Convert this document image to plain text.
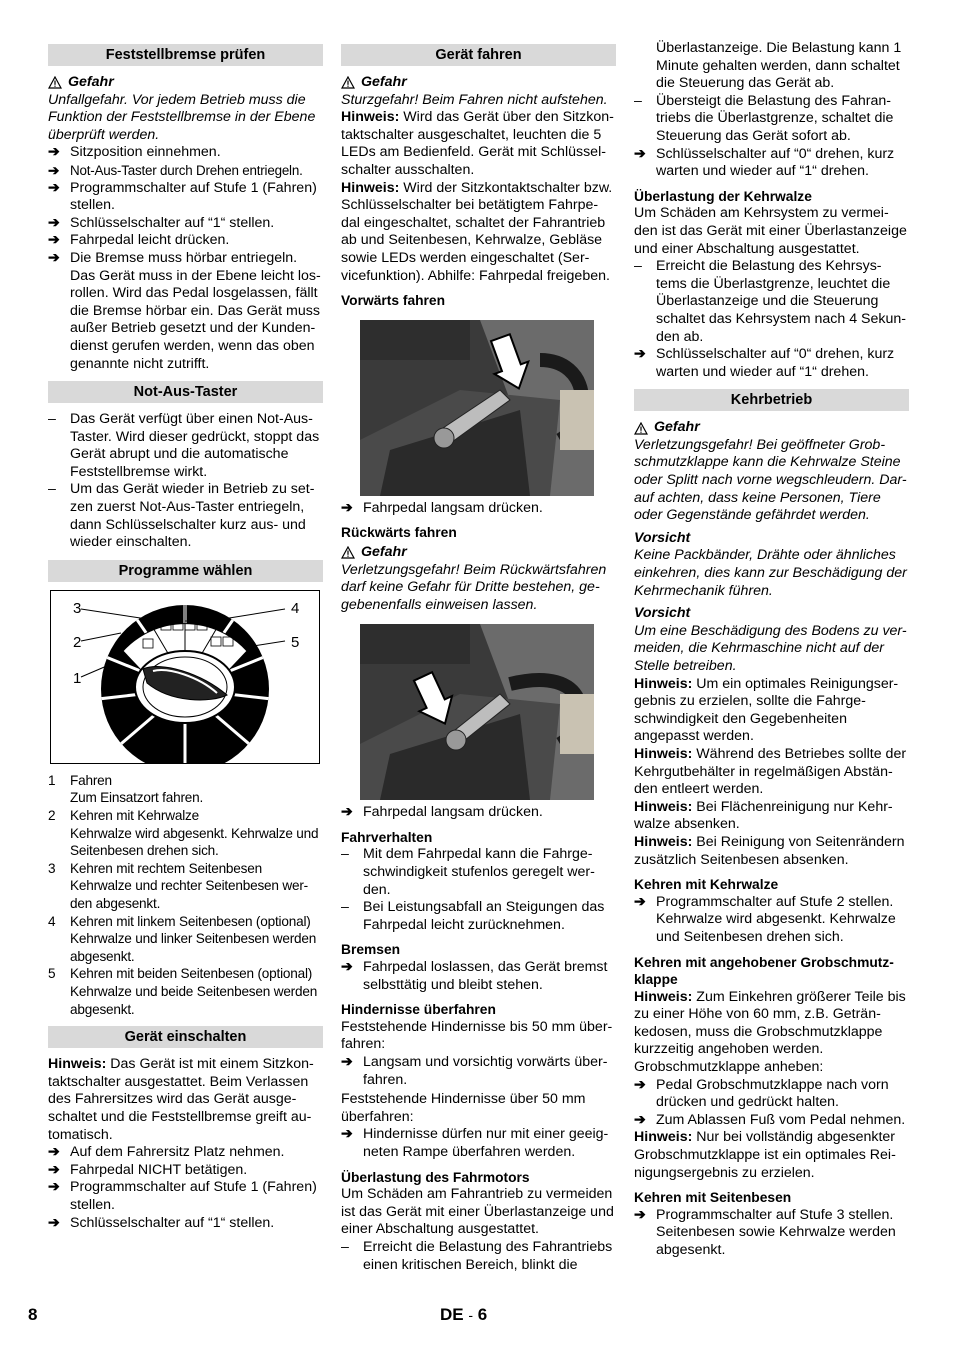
Feststellbremse prüfen
Gefahr

Unfallgefahr. Vor jedem Betrieb muss die Funktion der Feststellbremse in der Ebene überprüft werden.

➔ Sitzposition einnehmen.
➔ Not-Aus-Taster durch Drehen entriegeln.
➔ Programmschalter auf Stufe 1 (Fahren) stellen.
➔ Schlüsselschalter auf “1“ stellen.
➔ Fahrpedal leicht drücken.
➔ Die Bremse muss hörbar entriegeln. Das Gerät muss in der Ebene leicht los-rollen. Wird das Pedal losgelassen, fällt die Bremse hörbar ein. Das Gerät muss außer Betrieb gesetzt und der Kunden-dienst gerufen werden, wenn das oben genannte nicht zutrifft.
Not-Aus-Taster
– Das Gerät verfügt über einen Not-Aus-Taster. Wird dieser gedrückt, stoppt das Gerät abrupt und die automatische Feststellbremse wirkt.
– Um das Gerät wieder in Betrieb zu set-zen zuerst Not-Aus-Taster entriegeln, dann Schlüsselschalter kurz aus- und wieder einschalten.
Programme wählen
1
2
3	4
5
1	Fahren
Zum Einsatzort fahren.
2	Kehren mit Kehrwalze
Kehrwalze wird abgesenkt. Kehrwalze und Seitenbesen drehen sich.
3	Kehren mit rechtem Seitenbesen
Kehrwalze und rechter Seitenbesen wer-den abgesenkt.
4	Kehren mit linkem Seitenbesen (optional)
Kehrwalze und linker Seitenbesen werden abgesenkt.
5	Kehren mit beiden Seitenbesen (optional)
Kehrwalze und beide Seitenbesen werden abgesenkt.
Gerät einschalten

Hinweis: Das Gerät ist mit einem Sitzkon-taktschalter ausgestattet. Beim Verlassen des Fahrersitzes wird das Gerät ausge-schaltet und die Feststellbremse greift au-tomatisch.

➔ Auf dem Fahrersitz Platz nehmen.
➔ Fahrpedal NICHT betätigen.
➔ Programmschalter auf Stufe 1 (Fahren) stellen.
➔ Schlüsselschalter auf “1“ stellen.
Gerät fahren
Gefahr

Sturzgefahr! Beim Fahren nicht aufstehen.

Hinweis: Wird das Gerät über den Sitzkon-taktschalter ausgeschaltet, leuchten die 5 LEDs am Bedienfeld. Gerät mit Schlüssel-schalter ausschalten.

Hinweis: Wird der Sitzkontaktschalter bzw. Schlüsselschalter bei betätigtem Fahrpe-dal eingeschaltet, schaltet der Fahrantrieb ab und Seitenbesen, Kehrwalze, Gebläse sowie LEDs werden eingeschaltet (Ser-vicefunktion). Abhilfe: Fahrpedal freigeben.

Vorwärts fahren
➔ Fahrpedal langsam drücken.
Rückwärts fahren
Gefahr

Verletzungsgefahr! Beim Rückwärtsfahren darf keine Gefahr für Dritte bestehen, ge-gebenenfalls einweisen lassen.

➔ Fahrpedal langsam drücken.
Fahrverhalten
– Mit dem Fahrpedal kann die Fahrge-schwindigkeit stufenlos geregelt wer-den.
– Bei Leistungsabfall an Steigungen das Fahrpedal leicht zurücknehmen.
Bremsen
➔ Fahrpedal loslassen, das Gerät bremst selbsttätig und bleibt stehen.
Hindernisse überfahren

Feststehende Hindernisse bis 50 mm über-fahren:

➔ Langsam und vorsichtig vorwärts über-fahren.

Feststehende Hindernisse über 50 mm überfahren:

➔ Hindernisse dürfen nur mit einer geeig-neten Rampe überfahren werden.
Überlastung des Fahrmotors

Um Schäden am Fahrantrieb zu vermeiden ist das Gerät mit einer Überlastanzeige und einer Abschaltung ausgestattet.

– Erreicht die Belastung des Fahrantriebs einen kritischen Bereich, blinkt die
Überlastanzeige. Die Belastung kann 1 Minute gehalten werden, dann schaltet die Steuerung das Gerät ab.
– Übersteigt die Belastung des Fahran-triebs die Überlastgrenze, schaltet die Steuerung das Gerät sofort ab.
➔ Schlüsselschalter auf “0“ drehen, kurz warten und wieder auf “1“ drehen.
Überlastung der Kehrwalze

Um Schäden am Kehrsystem zu vermei-den ist das Gerät mit einer Überlastanzeige und einer Abschaltung ausgestattet.

– Erreicht die Belastung des Kehrsys-tems die Überlastgrenze, leuchtet die Überlastanzeige und die Steuerung schaltet das Kehrsystem nach 4 Sekun-den ab.
➔ Schlüsselschalter auf “0“ drehen, kurz warten und wieder auf “1“ drehen.
Kehrbetrieb
Gefahr

Verletzungsgefahr! Bei geöffneter Grob-schmutzklappe kann die Kehrwalze Steine oder Splitt nach vorne wegschleudern. Dar-auf achten, dass keine Personen, Tiere oder Gegenstände gefährdet werden.

Vorsicht

Keine Packbänder, Drähte oder ähnliches einkehren, dies kann zur Beschädigung der Kehrmechanik führen.

Vorsicht

Um eine Beschädigung des Bodens zu ver-meiden, die Kehrmaschine nicht auf der Stelle betreiben.

Hinweis: Um ein optimales Reinigungser-gebnis zu erzielen, sollte die Fahrge-schwindigkeit den Gegebenheiten angepasst werden.

Hinweis: Während des Betriebes sollte der Kehrgutbehälter in regelmäßigen Abstän-den entleert werden.

Hinweis: Bei Flächenreinigung nur Kehr-walze absenken.

Hinweis: Bei Reinigung von Seitenrändern zusätzlich Seitenbesen absenken.

Kehren mit Kehrwalze
➔ Programmschalter auf Stufe 2 stellen. Kehrwalze wird abgesenkt. Kehrwalze und Seitenbesen drehen sich.
Kehren mit angehobener Grobschmutz-klappe

Hinweis: Zum Einkehren größerer Teile bis zu einer Höhe von 60 mm, z.B. Geträn-kedosen, muss die Grobschmutzklappe kurzzeitig angehoben werden.

Grobschmutzklappe anheben:

➔ Pedal Grobschmutzklappe nach vorn drücken und gedrückt halten.
➔ Zum Ablassen Fuß vom Pedal nehmen.

Hinweis: Nur bei vollständig abgesenkter Grobschmutzklappe ist ein optimales Rei-nigungsergebnis zu erzielen.

Kehren mit Seitenbesen
➔ Programmschalter auf Stufe 3 stellen. Seitenbesen sowie Kehrwalze werden abgesenkt.
8	DE - 6
